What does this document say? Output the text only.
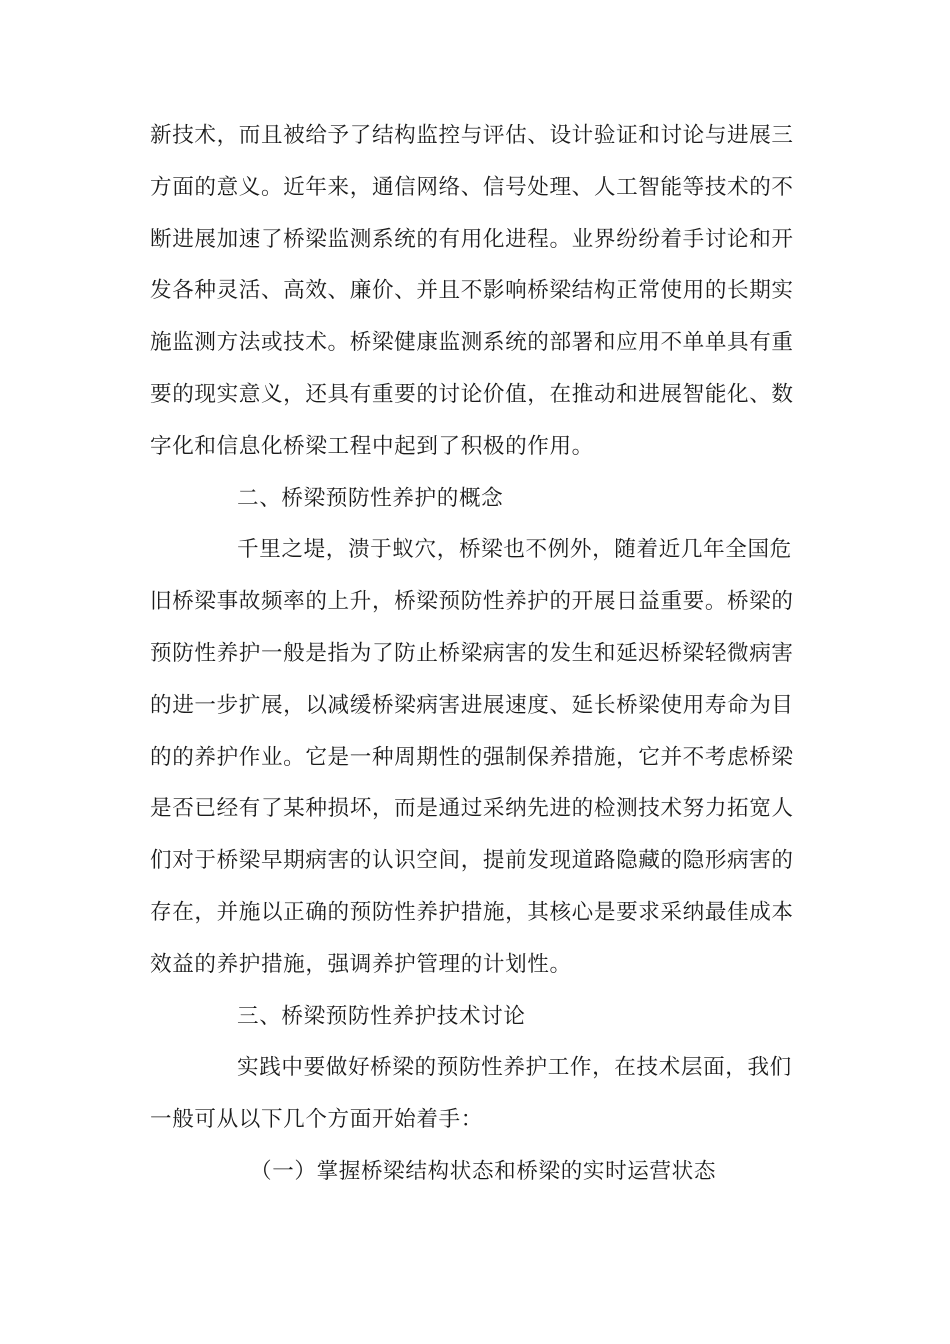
新技术，而且被给予了结构监控与评估、设计验证和讨论与进展三
方面的意义。近年来，通信网络、信号处理、人工智能等技术的不
断进展加速了桥梁监测系统的有用化进程。业界纷纷着手讨论和开
发各种灵活、高效、廉价、并且不影响桥梁结构正常使用的长期实
施监测方法或技术。桥梁健康监测系统的部署和应用不单单具有重
要的现实意义，还具有重要的讨论价值，在推动和进展智能化、数
字化和信息化桥梁工程中起到了积极的作用。
二、桥梁预防性养护的概念
千里之堤，溃于蚁穴，桥梁也不例外，随着近几年全国危
旧桥梁事故频率的上升，桥梁预防性养护的开展日益重要。桥梁的
预防性养护一般是指为了防止桥梁病害的发生和延迟桥梁轻微病害
的进一步扩展，以减缓桥梁病害进展速度、延长桥梁使用寿命为目
的的养护作业。它是一种周期性的强制保养措施，它并不考虑桥梁
是否已经有了某种损坏，而是通过采纳先进的检测技术努力拓宽人
们对于桥梁早期病害的认识空间，提前发现道路隐藏的隐形病害的
存在，并施以正确的预防性养护措施，其核心是要求采纳最佳成本
效益的养护措施，强调养护管理的计划性。
三、桥梁预防性养护技术讨论
实践中要做好桥梁的预防性养护工作，在技术层面，我们
一般可从以下几个方面开始着手：
（一）掌握桥梁结构状态和桥梁的实时运营状态
